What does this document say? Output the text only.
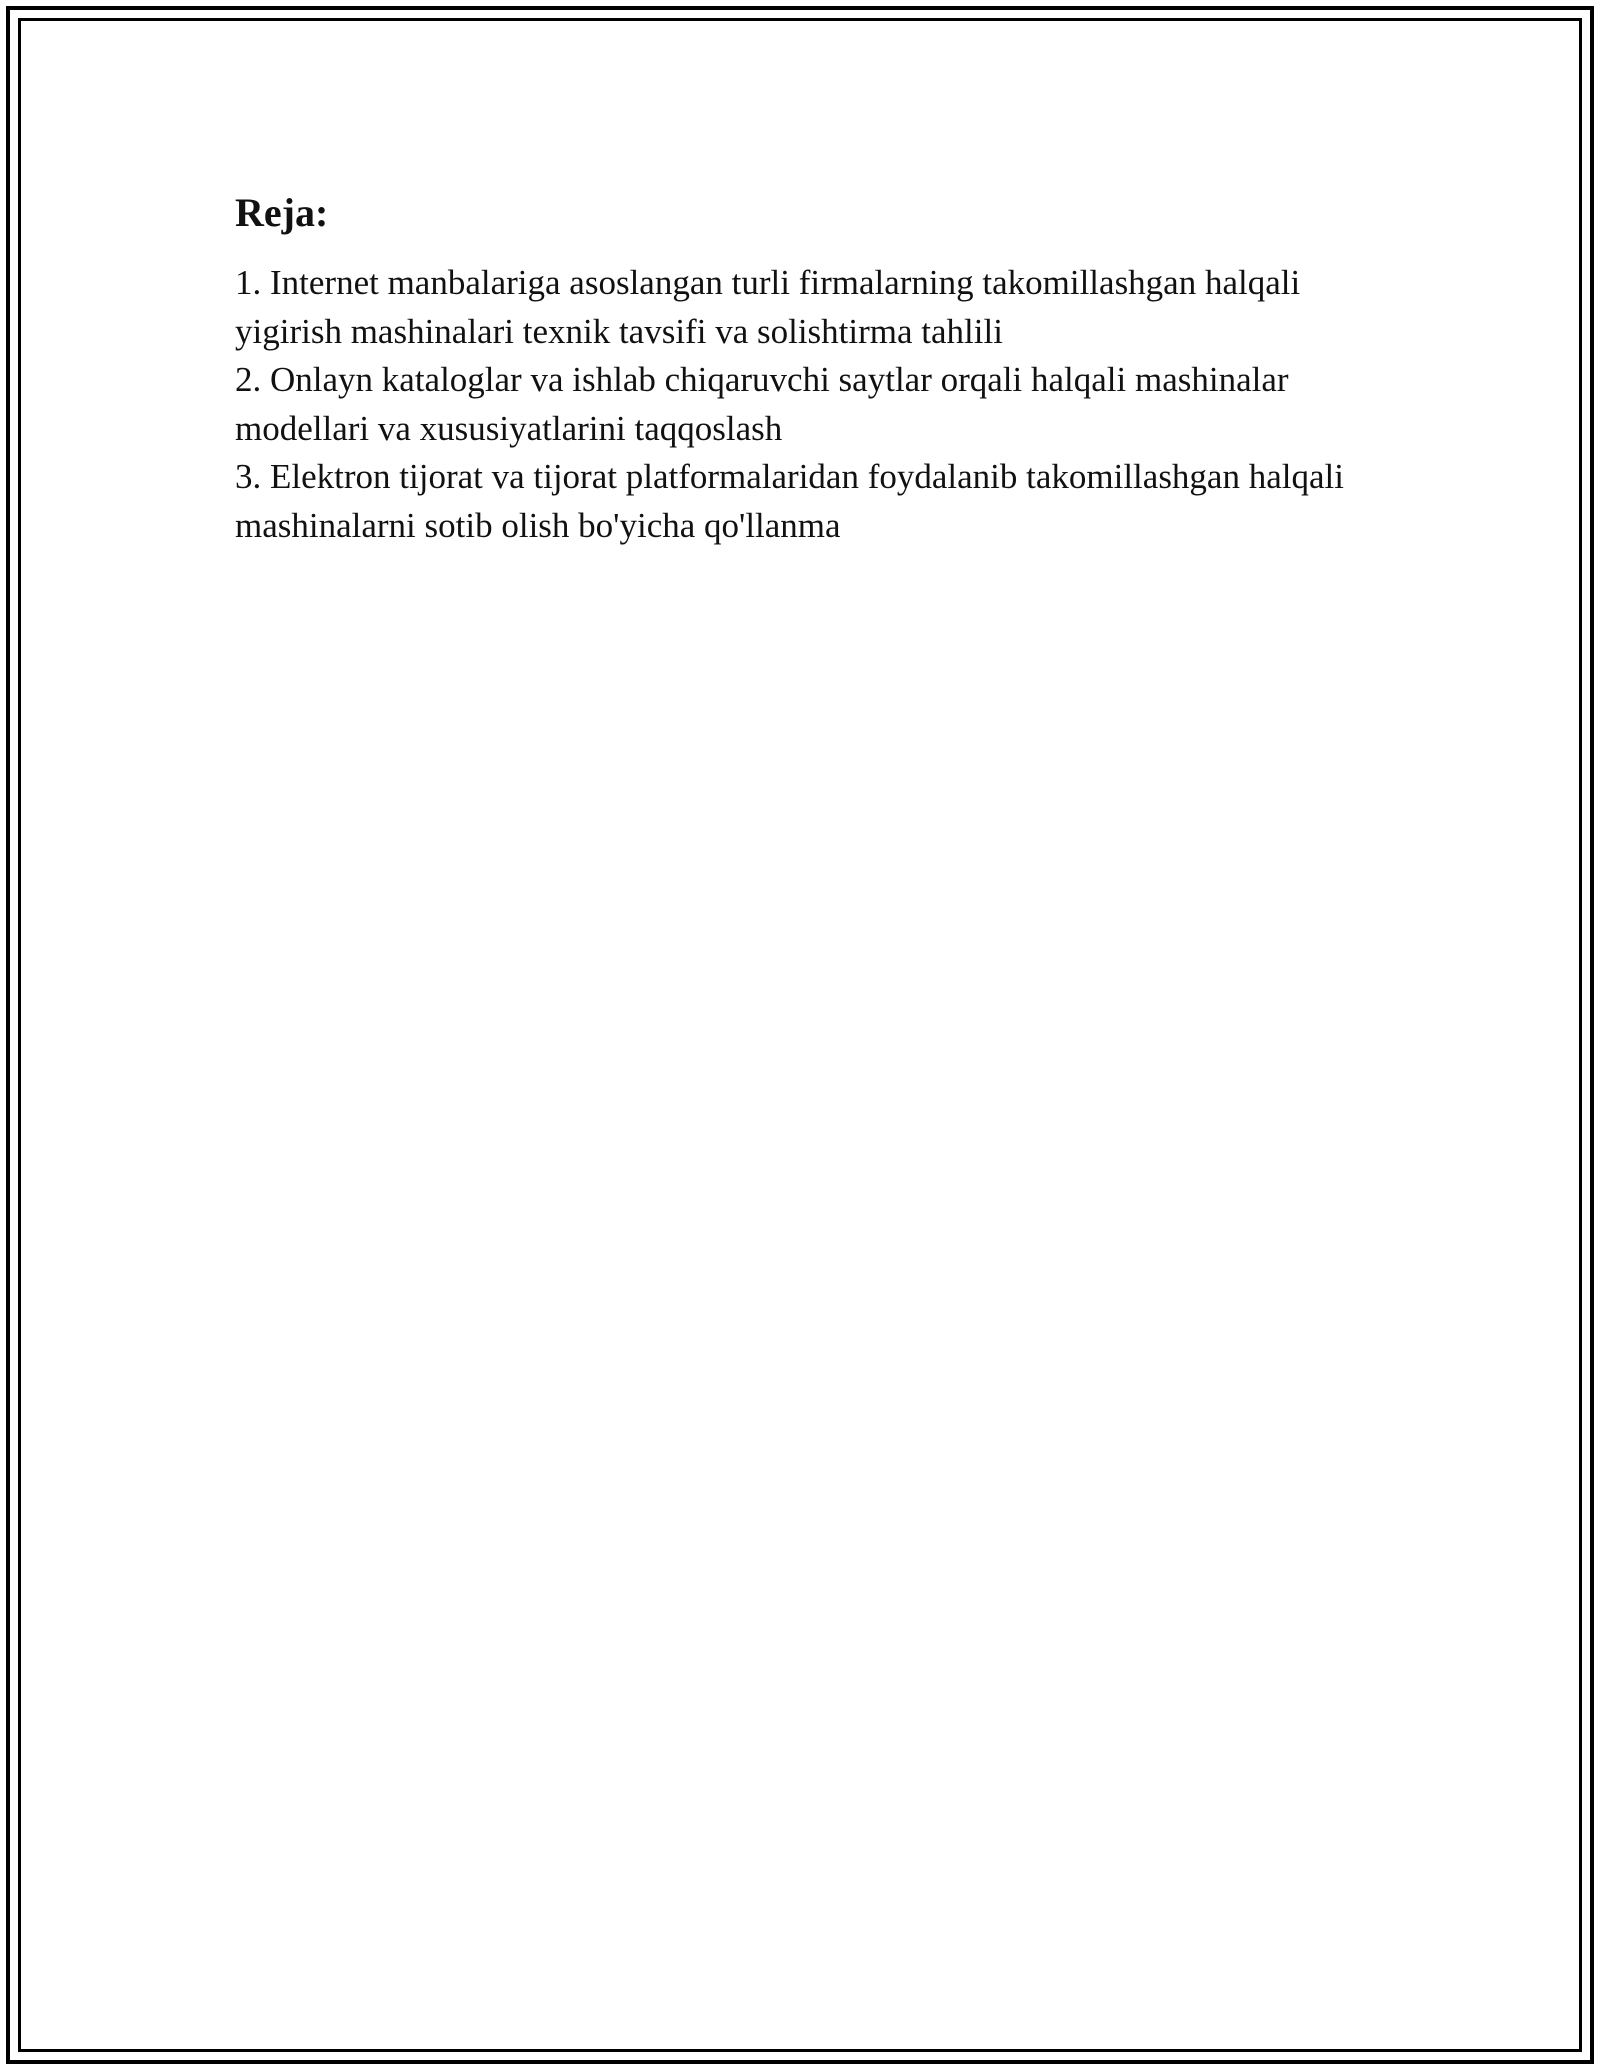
Reja:
1. Internet manbalariga asoslangan turli firmalarning takomillashgan halqali yigirish mashinalari texnik tavsifi va solishtirma tahlili
2. Onlayn kataloglar va ishlab chiqaruvchi saytlar orqali halqali mashinalar modellari va xususiyatlarini taqqoslash
3. Elektron tijorat va tijorat platformalaridan foydalanib takomillashgan halqali mashinalarni sotib olish bo'yicha qo'llanma
